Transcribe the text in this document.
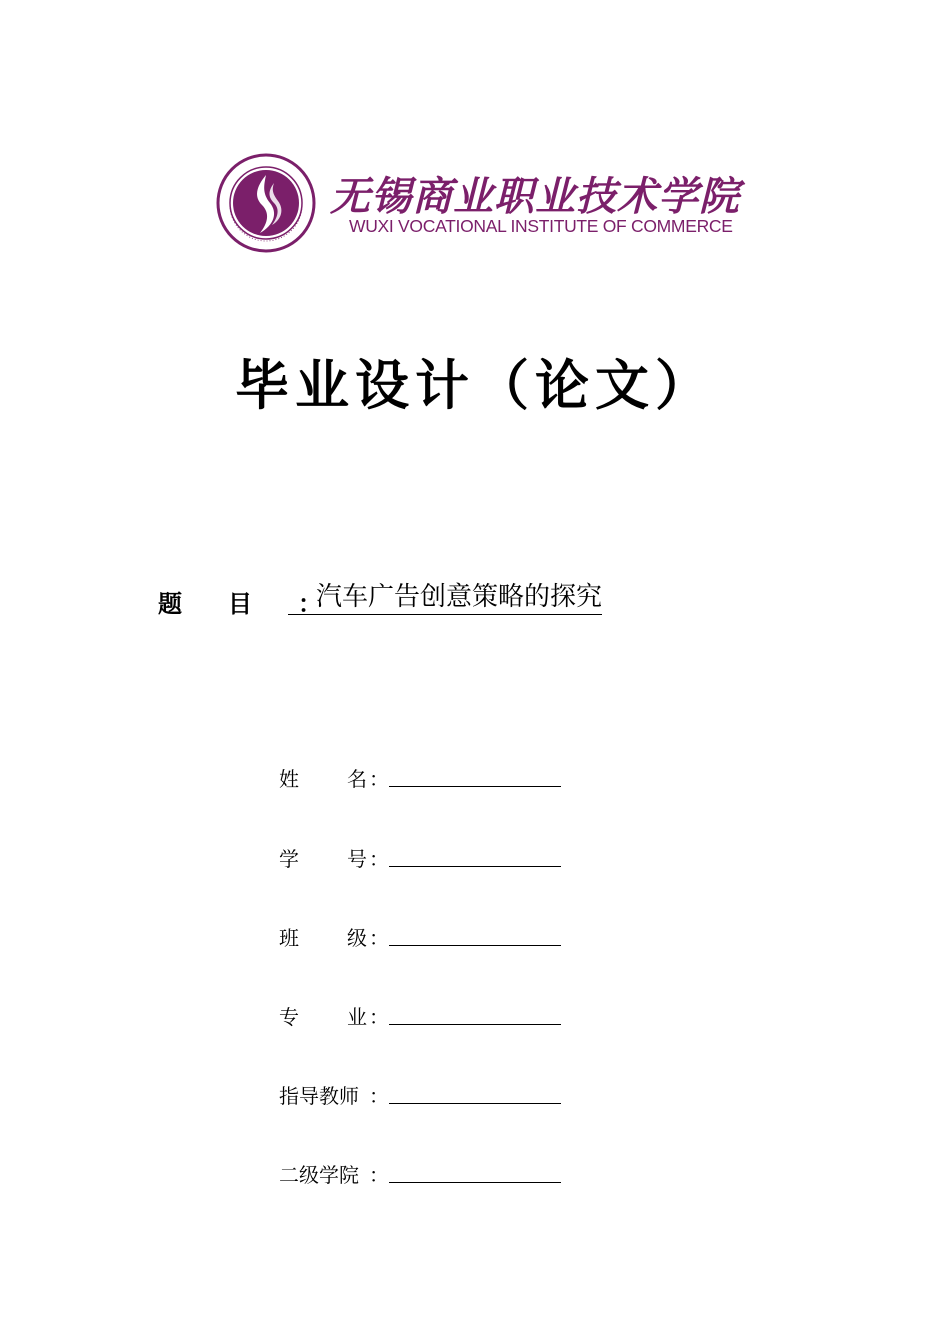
无锡商业职业技术学院
WUXI VOCATIONAL INSTITUTE OF COMMERCE
毕业设计（论文）
题目：
汽车广告创意策略的探究
姓 名 ：
学 号 ：
班 级 ：
专 业 ：
指导教师 ：
二级学院 ：
